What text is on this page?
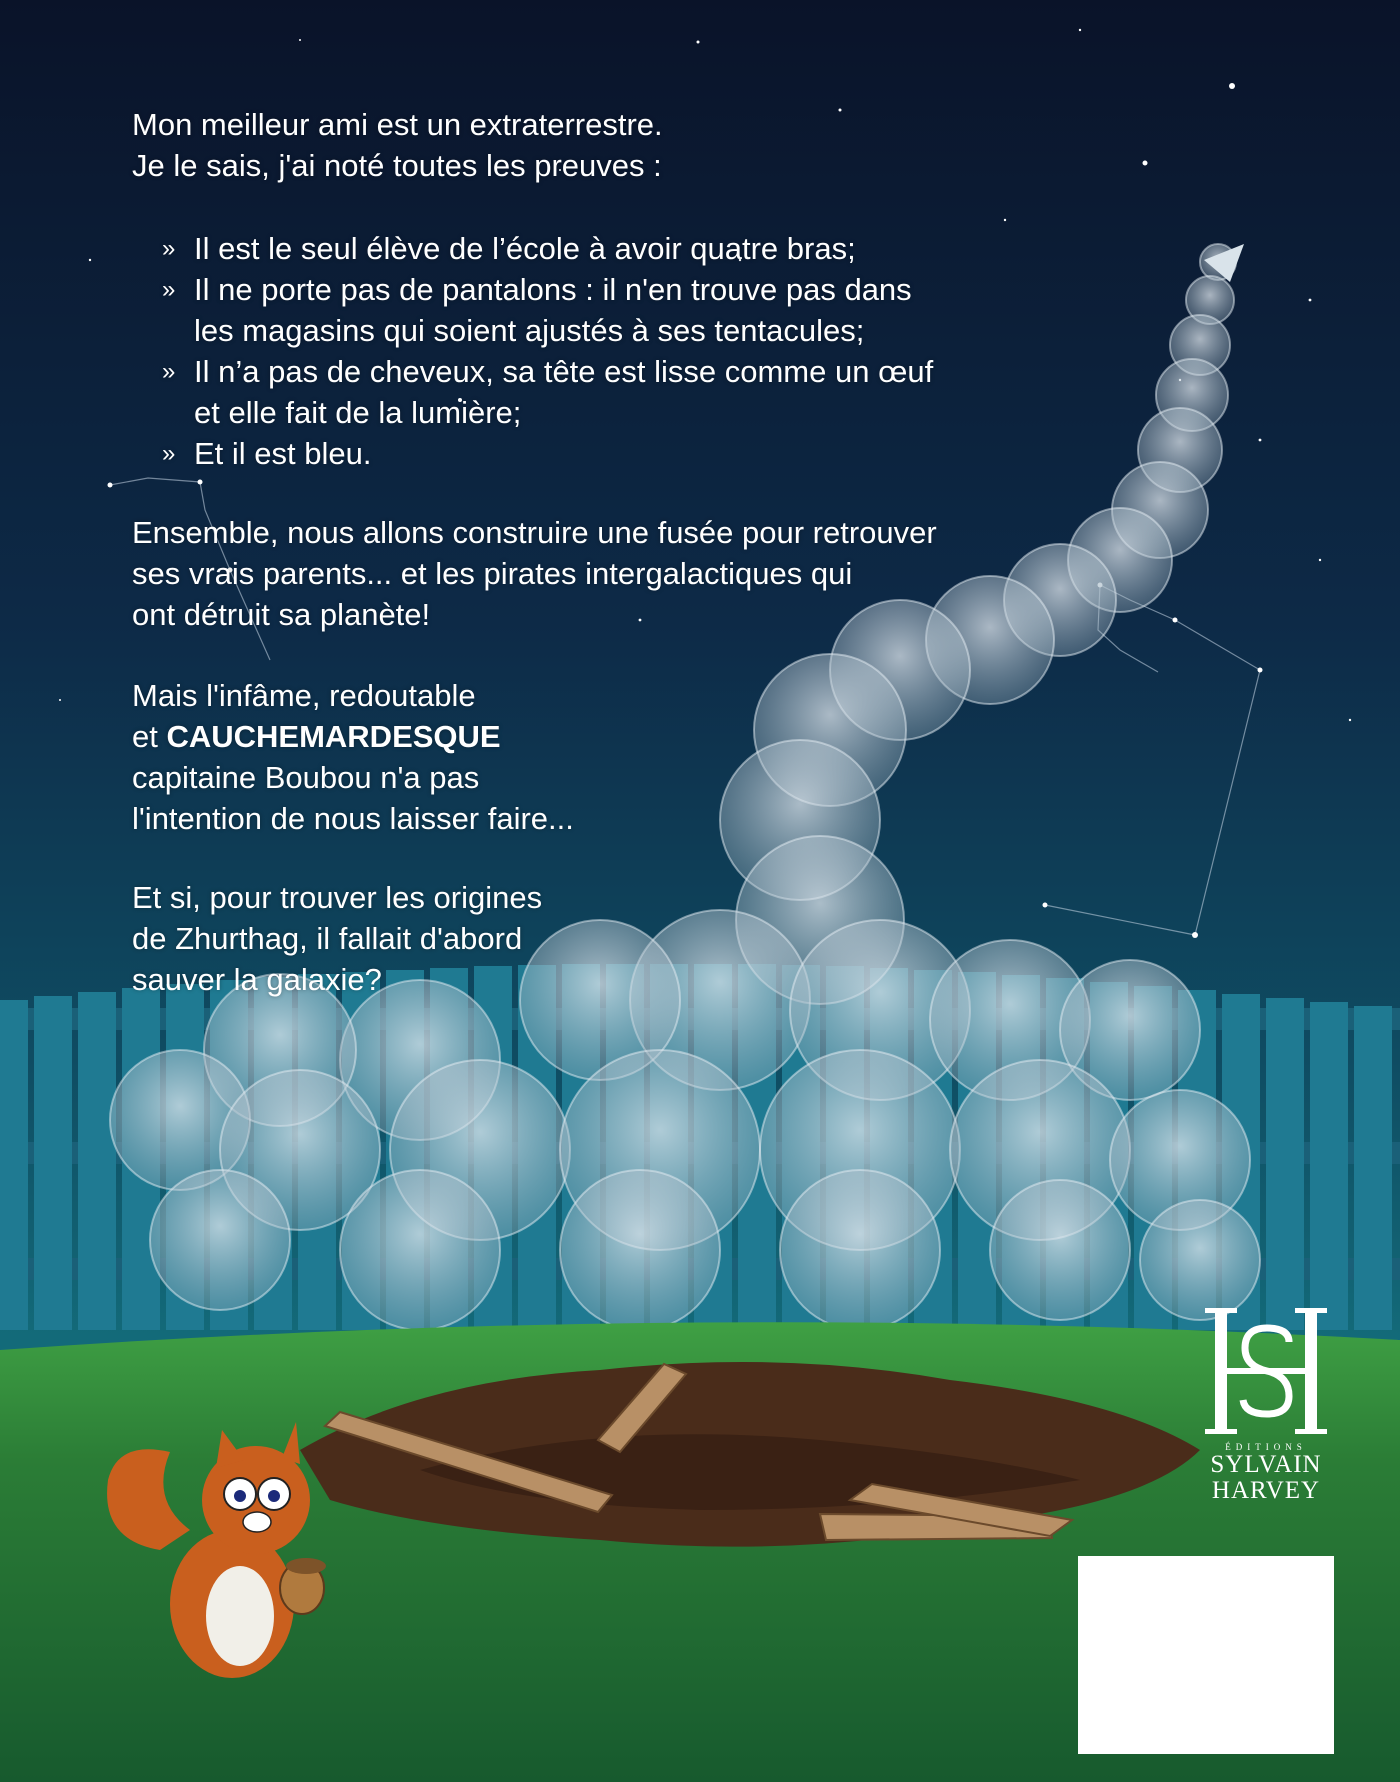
Mon meilleur ami est un extraterrestre.

Je le sais, j'ai noté toutes les preuves :

» Il est le seul élève de l’école à avoir quatre bras;
» Il ne porte pas de pantalons : il n'en trouve pas dans
les magasins qui soient ajustés à ses tentacules;
» Il n’a pas de cheveux, sa tête est lisse comme un œuf
et elle fait de la lumière;
» Et il est bleu.

Ensemble, nous allons construire une fusée pour retrouver

ses vrais parents... et les pirates intergalactiques qui

ont détruit sa planète!

Mais l'infâme, redoutable

et CAUCHEMARDESQUE

capitaine Boubou n'a pas

l'intention de nous laisser faire...

Et si, pour trouver les origines

de Zhurthag, il fallait d'abord

sauver la galaxie?

ÉDITIONS
SYLVAIN
HARVEY
